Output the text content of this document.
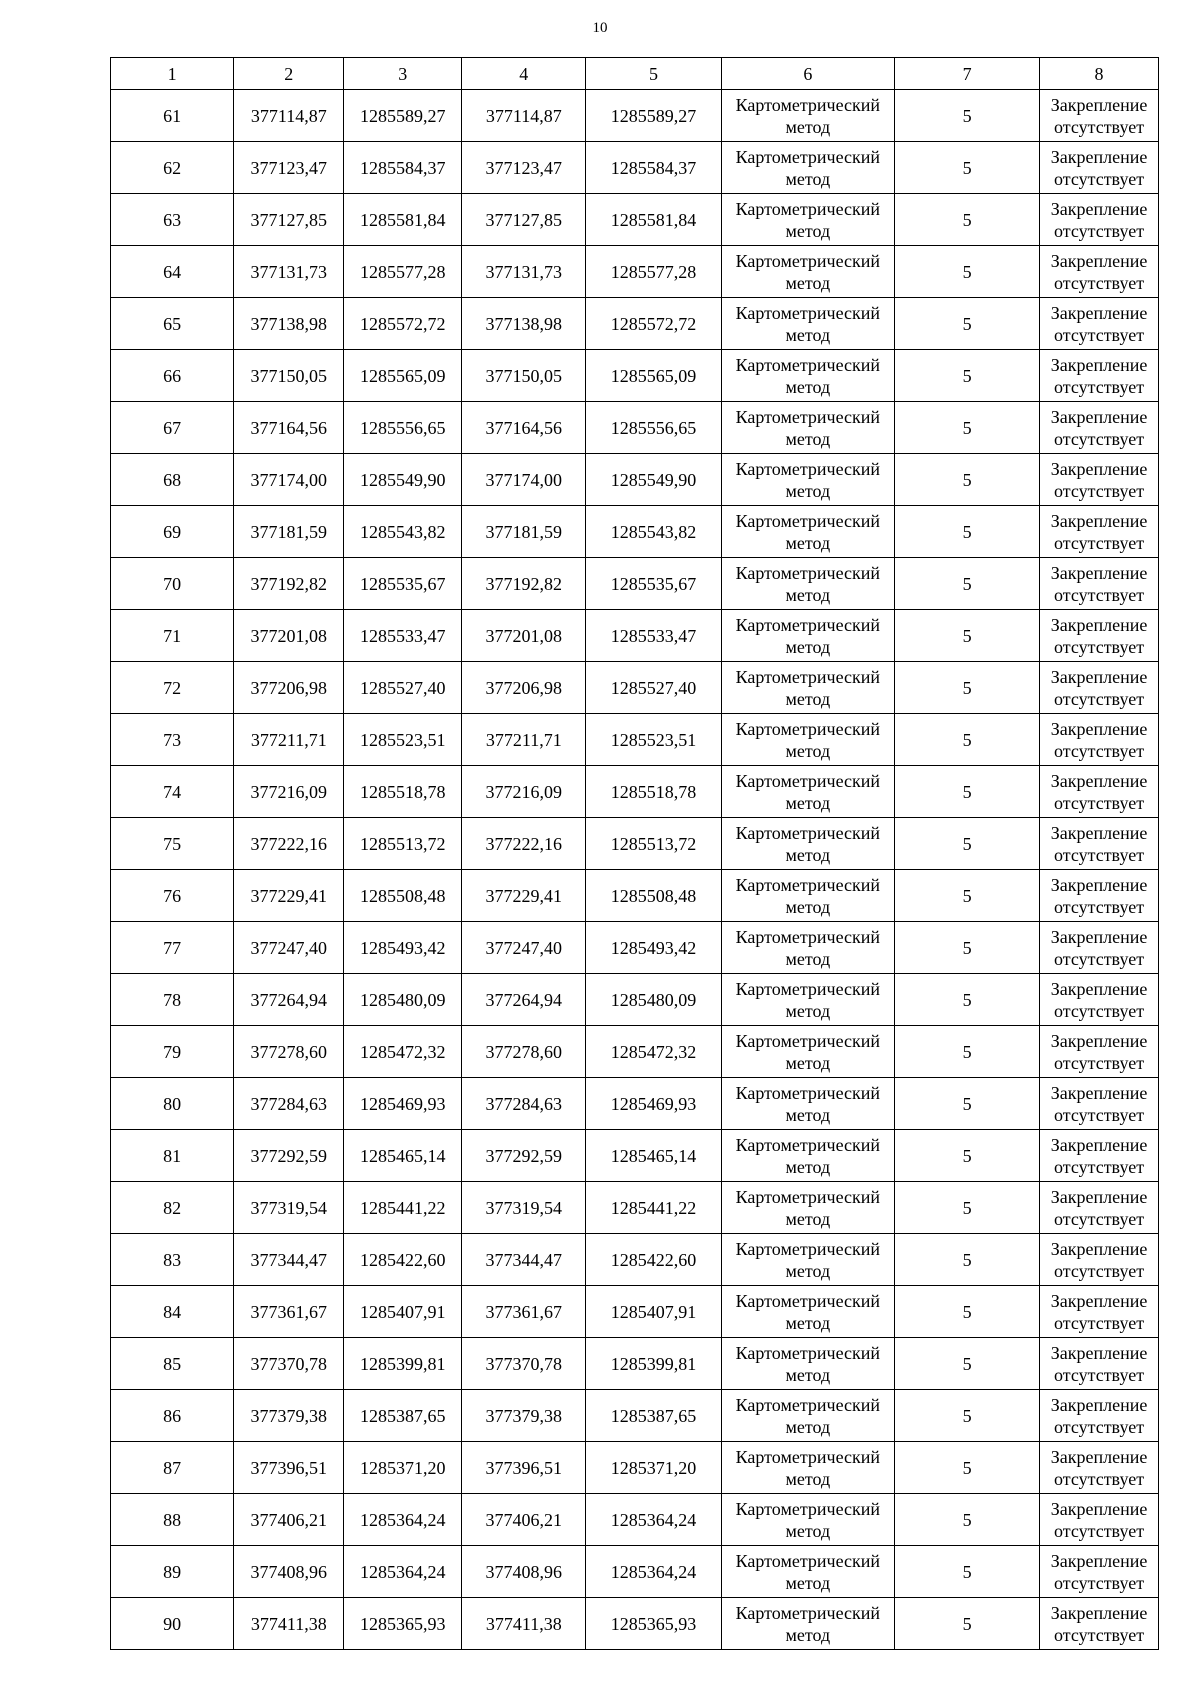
10
1	2	3	4	5	6	7	8
61	377114,87	1285589,27	377114,87	1285589,27	Картометрический метод	5	Закрепление отсутствует
62	377123,47	1285584,37	377123,47	1285584,37	Картометрический метод	5	Закрепление отсутствует
63	377127,85	1285581,84	377127,85	1285581,84	Картометрический метод	5	Закрепление отсутствует
64	377131,73	1285577,28	377131,73	1285577,28	Картометрический метод	5	Закрепление отсутствует
65	377138,98	1285572,72	377138,98	1285572,72	Картометрический метод	5	Закрепление отсутствует
66	377150,05	1285565,09	377150,05	1285565,09	Картометрический метод	5	Закрепление отсутствует
67	377164,56	1285556,65	377164,56	1285556,65	Картометрический метод	5	Закрепление отсутствует
68	377174,00	1285549,90	377174,00	1285549,90	Картометрический метод	5	Закрепление отсутствует
69	377181,59	1285543,82	377181,59	1285543,82	Картометрический метод	5	Закрепление отсутствует
70	377192,82	1285535,67	377192,82	1285535,67	Картометрический метод	5	Закрепление отсутствует
71	377201,08	1285533,47	377201,08	1285533,47	Картометрический метод	5	Закрепление отсутствует
72	377206,98	1285527,40	377206,98	1285527,40	Картометрический метод	5	Закрепление отсутствует
73	377211,71	1285523,51	377211,71	1285523,51	Картометрический метод	5	Закрепление отсутствует
74	377216,09	1285518,78	377216,09	1285518,78	Картометрический метод	5	Закрепление отсутствует
75	377222,16	1285513,72	377222,16	1285513,72	Картометрический метод	5	Закрепление отсутствует
76	377229,41	1285508,48	377229,41	1285508,48	Картометрический метод	5	Закрепление отсутствует
77	377247,40	1285493,42	377247,40	1285493,42	Картометрический метод	5	Закрепление отсутствует
78	377264,94	1285480,09	377264,94	1285480,09	Картометрический метод	5	Закрепление отсутствует
79	377278,60	1285472,32	377278,60	1285472,32	Картометрический метод	5	Закрепление отсутствует
80	377284,63	1285469,93	377284,63	1285469,93	Картометрический метод	5	Закрепление отсутствует
81	377292,59	1285465,14	377292,59	1285465,14	Картометрический метод	5	Закрепление отсутствует
82	377319,54	1285441,22	377319,54	1285441,22	Картометрический метод	5	Закрепление отсутствует
83	377344,47	1285422,60	377344,47	1285422,60	Картометрический метод	5	Закрепление отсутствует
84	377361,67	1285407,91	377361,67	1285407,91	Картометрический метод	5	Закрепление отсутствует
85	377370,78	1285399,81	377370,78	1285399,81	Картометрический метод	5	Закрепление отсутствует
86	377379,38	1285387,65	377379,38	1285387,65	Картометрический метод	5	Закрепление отсутствует
87	377396,51	1285371,20	377396,51	1285371,20	Картометрический метод	5	Закрепление отсутствует
88	377406,21	1285364,24	377406,21	1285364,24	Картометрический метод	5	Закрепление отсутствует
89	377408,96	1285364,24	377408,96	1285364,24	Картометрический метод	5	Закрепление отсутствует
90	377411,38	1285365,93	377411,38	1285365,93	Картометрический метод	5	Закрепление отсутствует
